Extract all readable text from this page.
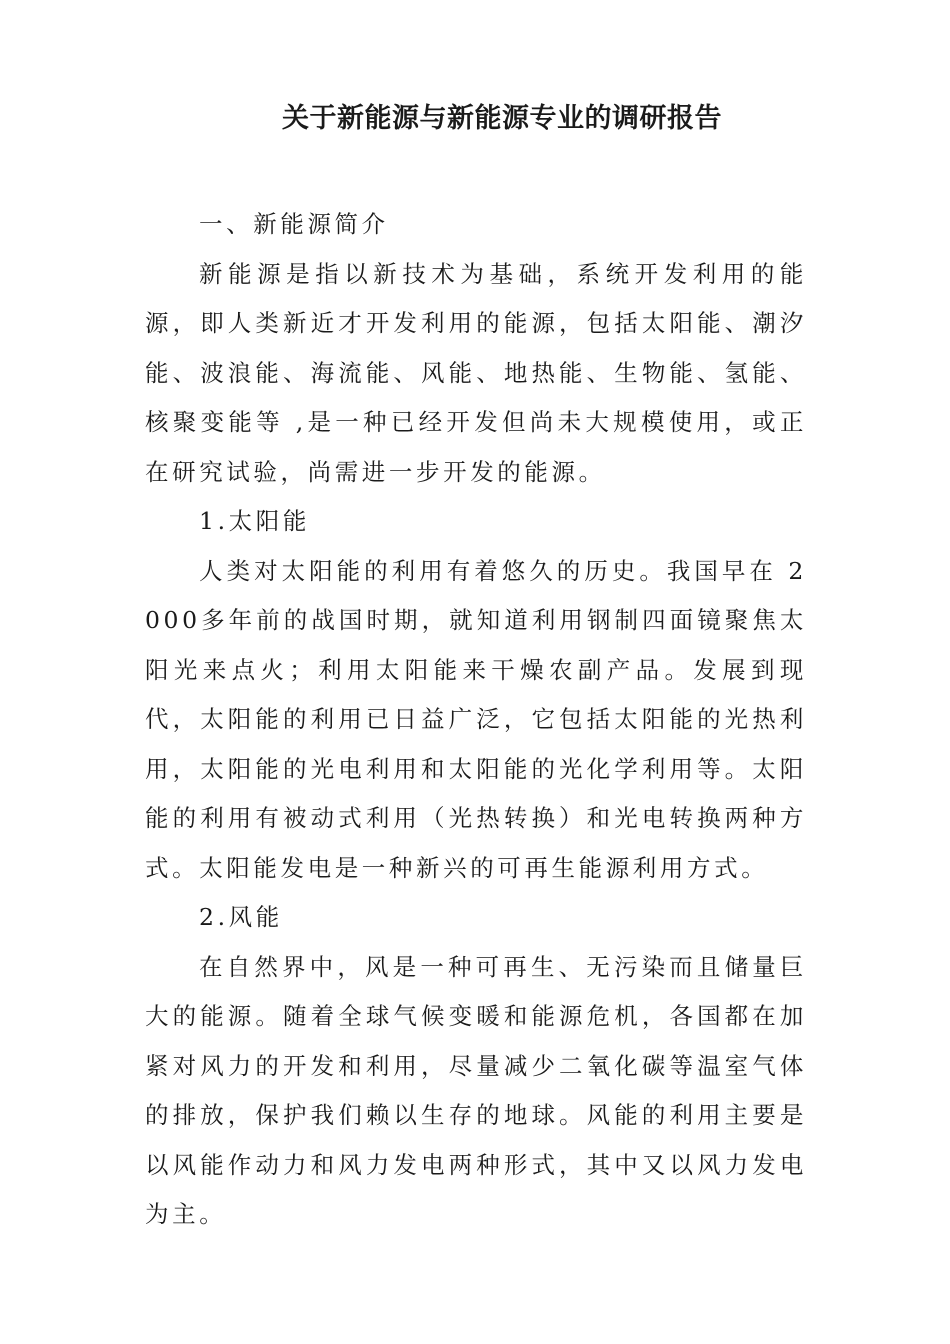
关于新能源与新能源专业的调研报告

一、新能源简介

新能源是指以新技术为基础，系统开发利用的能源，即人类新近才开发利用的能源，包括太阳能、潮汐能、波浪能、海流能、风能、地热能、生物能、氢能、核聚变能等 ,是一种已经开发但尚未大规模使用，或正在研究试验，尚需进一步开发的能源。

1.太阳能

人类对太阳能的利用有着悠久的历史。我国早在 2000多年前的战国时期，就知道利用钢制四面镜聚焦太阳光来点火；利用太阳能来干燥农副产品。发展到现代，太阳能的利用已日益广泛，它包括太阳能的光热利用，太阳能的光电利用和太阳能的光化学利用等。太阳能的利用有被动式利用（光热转换）和光电转换两种方式。太阳能发电是一种新兴的可再生能源利用方式。

2.风能

在自然界中，风是一种可再生、无污染而且储量巨大的能源。随着全球气候变暖和能源危机，各国都在加紧对风力的开发和利用，尽量减少二氧化碳等温室气体的排放，保护我们赖以生存的地球。风能的利用主要是以风能作动力和风力发电两种形式，其中又以风力发电为主。
